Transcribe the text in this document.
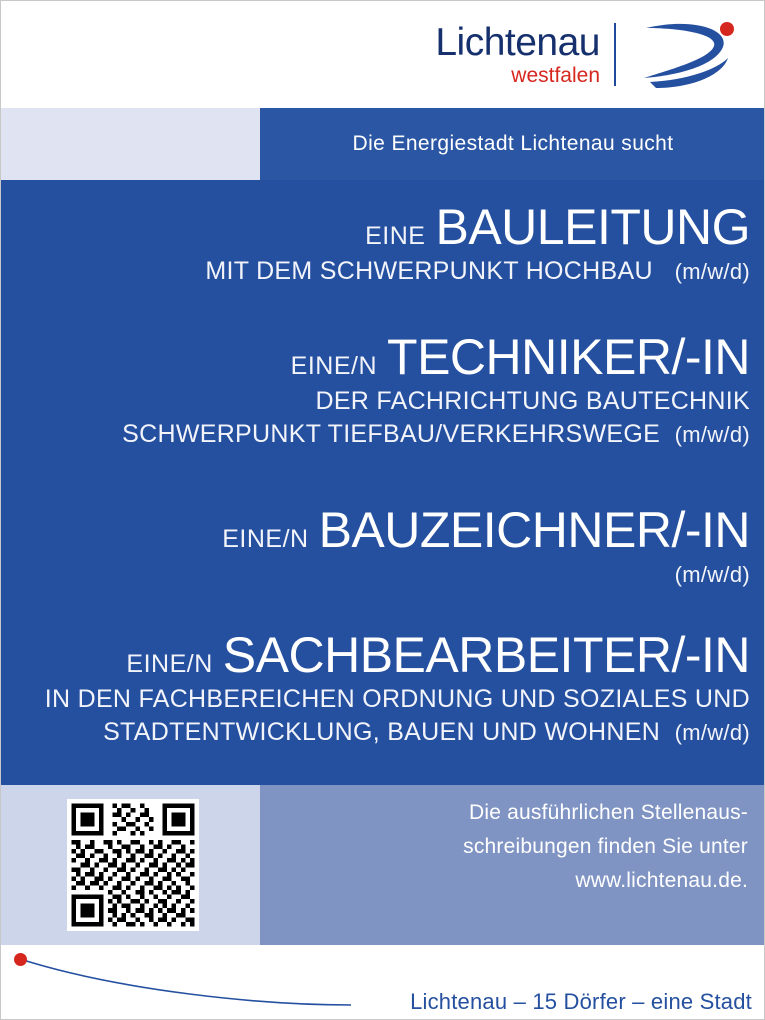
Lichtenau
westfalen
Die Energiestadt Lichtenau sucht
EINE BAULEITUNG
MIT DEM SCHWERPUNKT HOCHBAU (m/w/d)
EINE/N TECHNIKER/-IN
DER FACHRICHTUNG BAUTECHNIK
SCHWERPUNKT TIEFBAU/VERKEHRSWEGE (m/w/d)
EINE/N BAUZEICHNER/-IN
(m/w/d)
EINE/N SACHBEARBEITER/-IN
IN DEN FACHBEREICHEN ORDNUNG UND SOZIALES UND
STADTENTWICKLUNG, BAUEN UND WOHNEN (m/w/d)

Die ausführlichen Stellenaus-

schreibungen finden Sie unter

www.lichtenau.de.

Lichtenau – 15 Dörfer – eine Stadt
